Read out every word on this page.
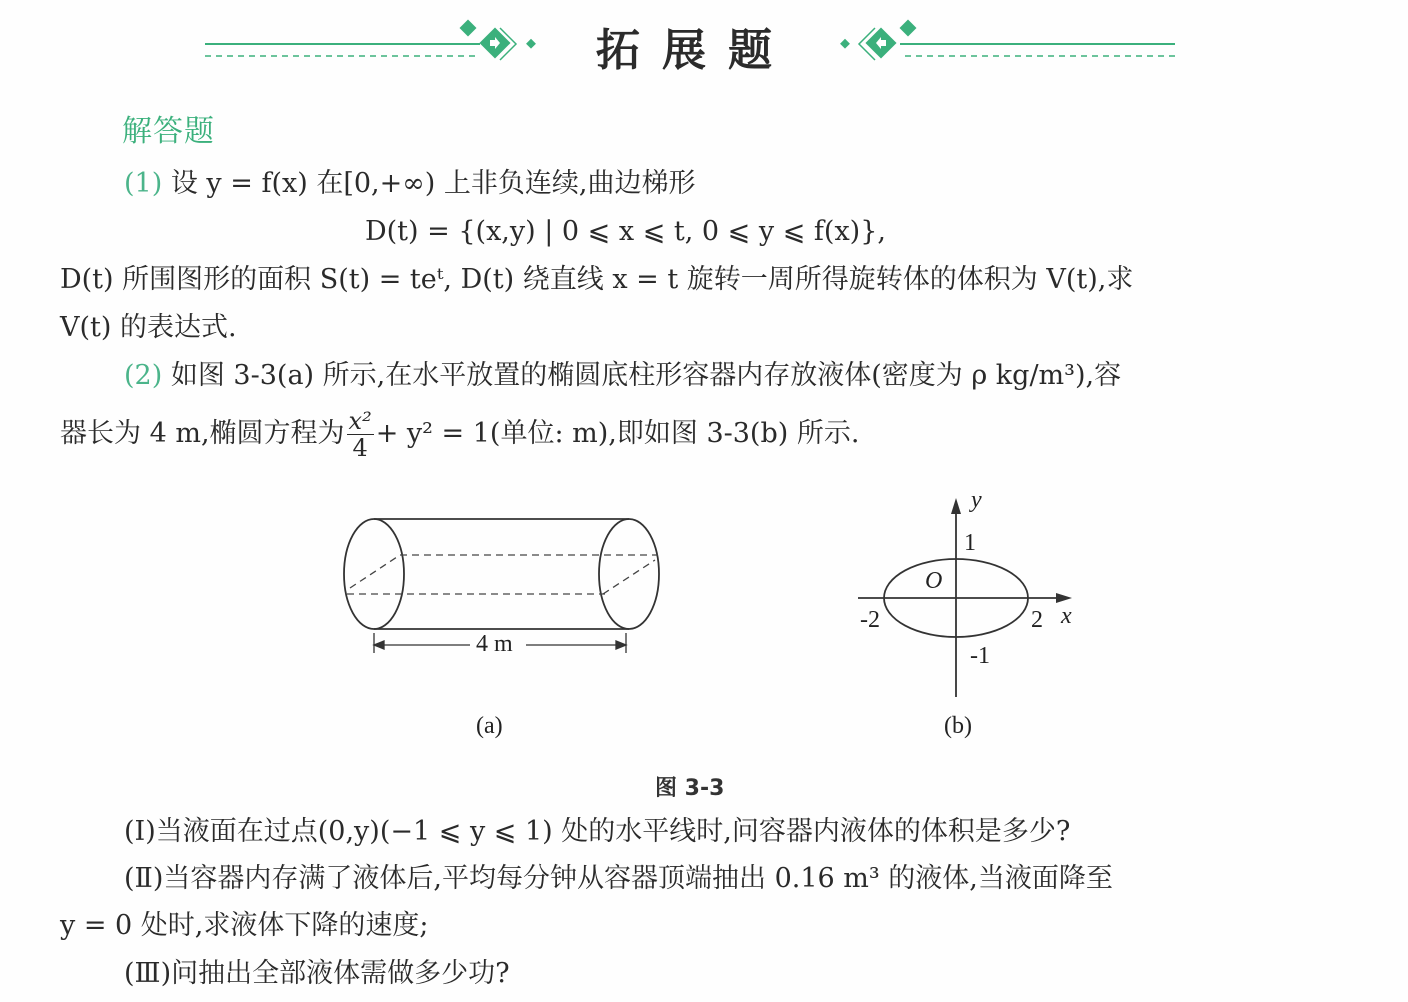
拓展题
解答题
(1) 设 y = f(x) 在[0,+∞) 上非负连续,曲边梯形
D(t) = {(x,y) | 0 ⩽ x ⩽ t, 0 ⩽ y ⩽ f(x)},
D(t) 所围图形的面积 S(t) = teᵗ, D(t) 绕直线 x = t 旋转一周所得旋转体的体积为 V(t),求
V(t) 的表达式.
(2) 如图 3-3(a) 所示,在水平放置的椭圆底柱形容器内存放液体(密度为 ρ kg/m³),容
器长为 4 m,椭圆方程为 $\frac{\text{x²}}{4} + y^2 = 1$(单位: m),即如图 3-3(b) 所示.
4 m
(a)
y
1
O
-2	2 x
-1
(b)
图 3-3
(Ⅰ)当液面在过点(0,y)(−1 ⩽ y ⩽ 1) 处的水平线时,问容器内液体的体积是多少?
(Ⅱ)当容器内存满了液体后,平均每分钟从容器顶端抽出 0.16 m³ 的液体,当液面降至
y = 0 处时,求液体下降的速度;
(Ⅲ)问抽出全部液体需做多少功?
